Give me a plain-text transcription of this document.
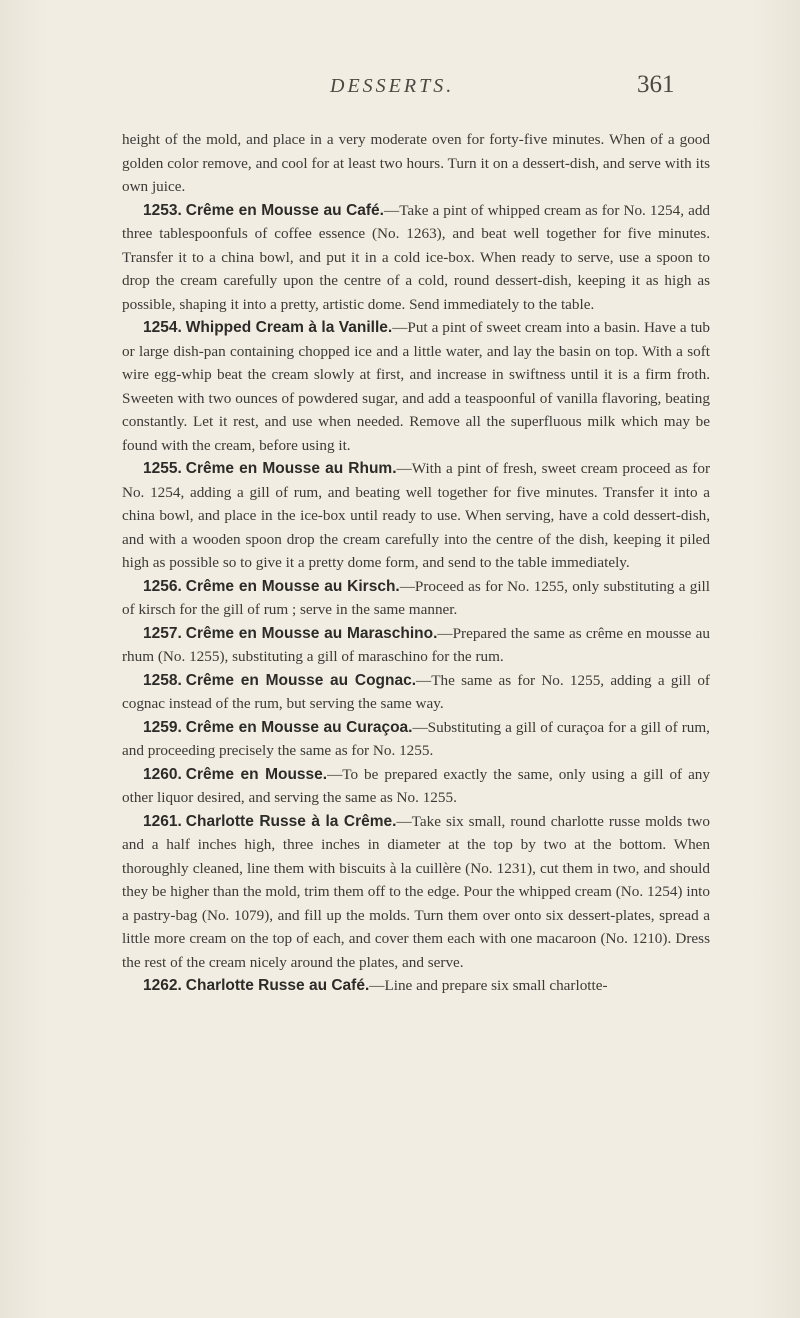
DESSERTS.	361

height of the mold, and place in a very moderate oven for forty-five minutes. When of a good golden color remove, and cool for at least two hours. Turn it on a dessert-dish, and serve with its own juice.

1253. Crême en Mousse au Café.—Take a pint of whipped cream as for No. 1254, add three tablespoonfuls of coffee essence (No. 1263), and beat well together for five minutes. Transfer it to a china bowl, and put it in a cold ice-box. When ready to serve, use a spoon to drop the cream carefully upon the centre of a cold, round dessert-dish, keeping it as high as possible, shaping it into a pretty, artistic dome. Send immediately to the table.

1254. Whipped Cream à la Vanille.—Put a pint of sweet cream into a basin. Have a tub or large dish-pan containing chopped ice and a little water, and lay the basin on top. With a soft wire egg-whip beat the cream slowly at first, and increase in swiftness until it is a firm froth. Sweeten with two ounces of powdered sugar, and add a teaspoonful of vanilla flavoring, beating constantly. Let it rest, and use when needed. Remove all the superfluous milk which may be found with the cream, before using it.

1255. Crême en Mousse au Rhum.—With a pint of fresh, sweet cream proceed as for No. 1254, adding a gill of rum, and beating well together for five minutes. Transfer it into a china bowl, and place in the ice-box until ready to use. When serving, have a cold dessert-dish, and with a wooden spoon drop the cream carefully into the centre of the dish, keeping it piled high as possible so to give it a pretty dome form, and send to the table immediately.

1256. Crême en Mousse au Kirsch.—Proceed as for No. 1255, only substituting a gill of kirsch for the gill of rum ; serve in the same manner.

1257. Crême en Mousse au Maraschino.—Prepared the same as crême en mousse au rhum (No. 1255), substituting a gill of maraschino for the rum.

1258. Crême en Mousse au Cognac.—The same as for No. 1255, adding a gill of cognac instead of the rum, but serving the same way.

1259. Crême en Mousse au Curaçoa.—Substituting a gill of curaçoa for a gill of rum, and proceeding precisely the same as for No. 1255.

1260. Crême en Mousse.—To be prepared exactly the same, only using a gill of any other liquor desired, and serving the same as No. 1255.

1261. Charlotte Russe à la Crême.—Take six small, round charlotte russe molds two and a half inches high, three inches in diameter at the top by two at the bottom. When thoroughly cleaned, line them with biscuits à la cuillère (No. 1231), cut them in two, and should they be higher than the mold, trim them off to the edge. Pour the whipped cream (No. 1254) into a pastry-bag (No. 1079), and fill up the molds. Turn them over onto six dessert-plates, spread a little more cream on the top of each, and cover them each with one macaroon (No. 1210). Dress the rest of the cream nicely around the plates, and serve.

1262. Charlotte Russe au Café.—Line and prepare six small charlotte-
